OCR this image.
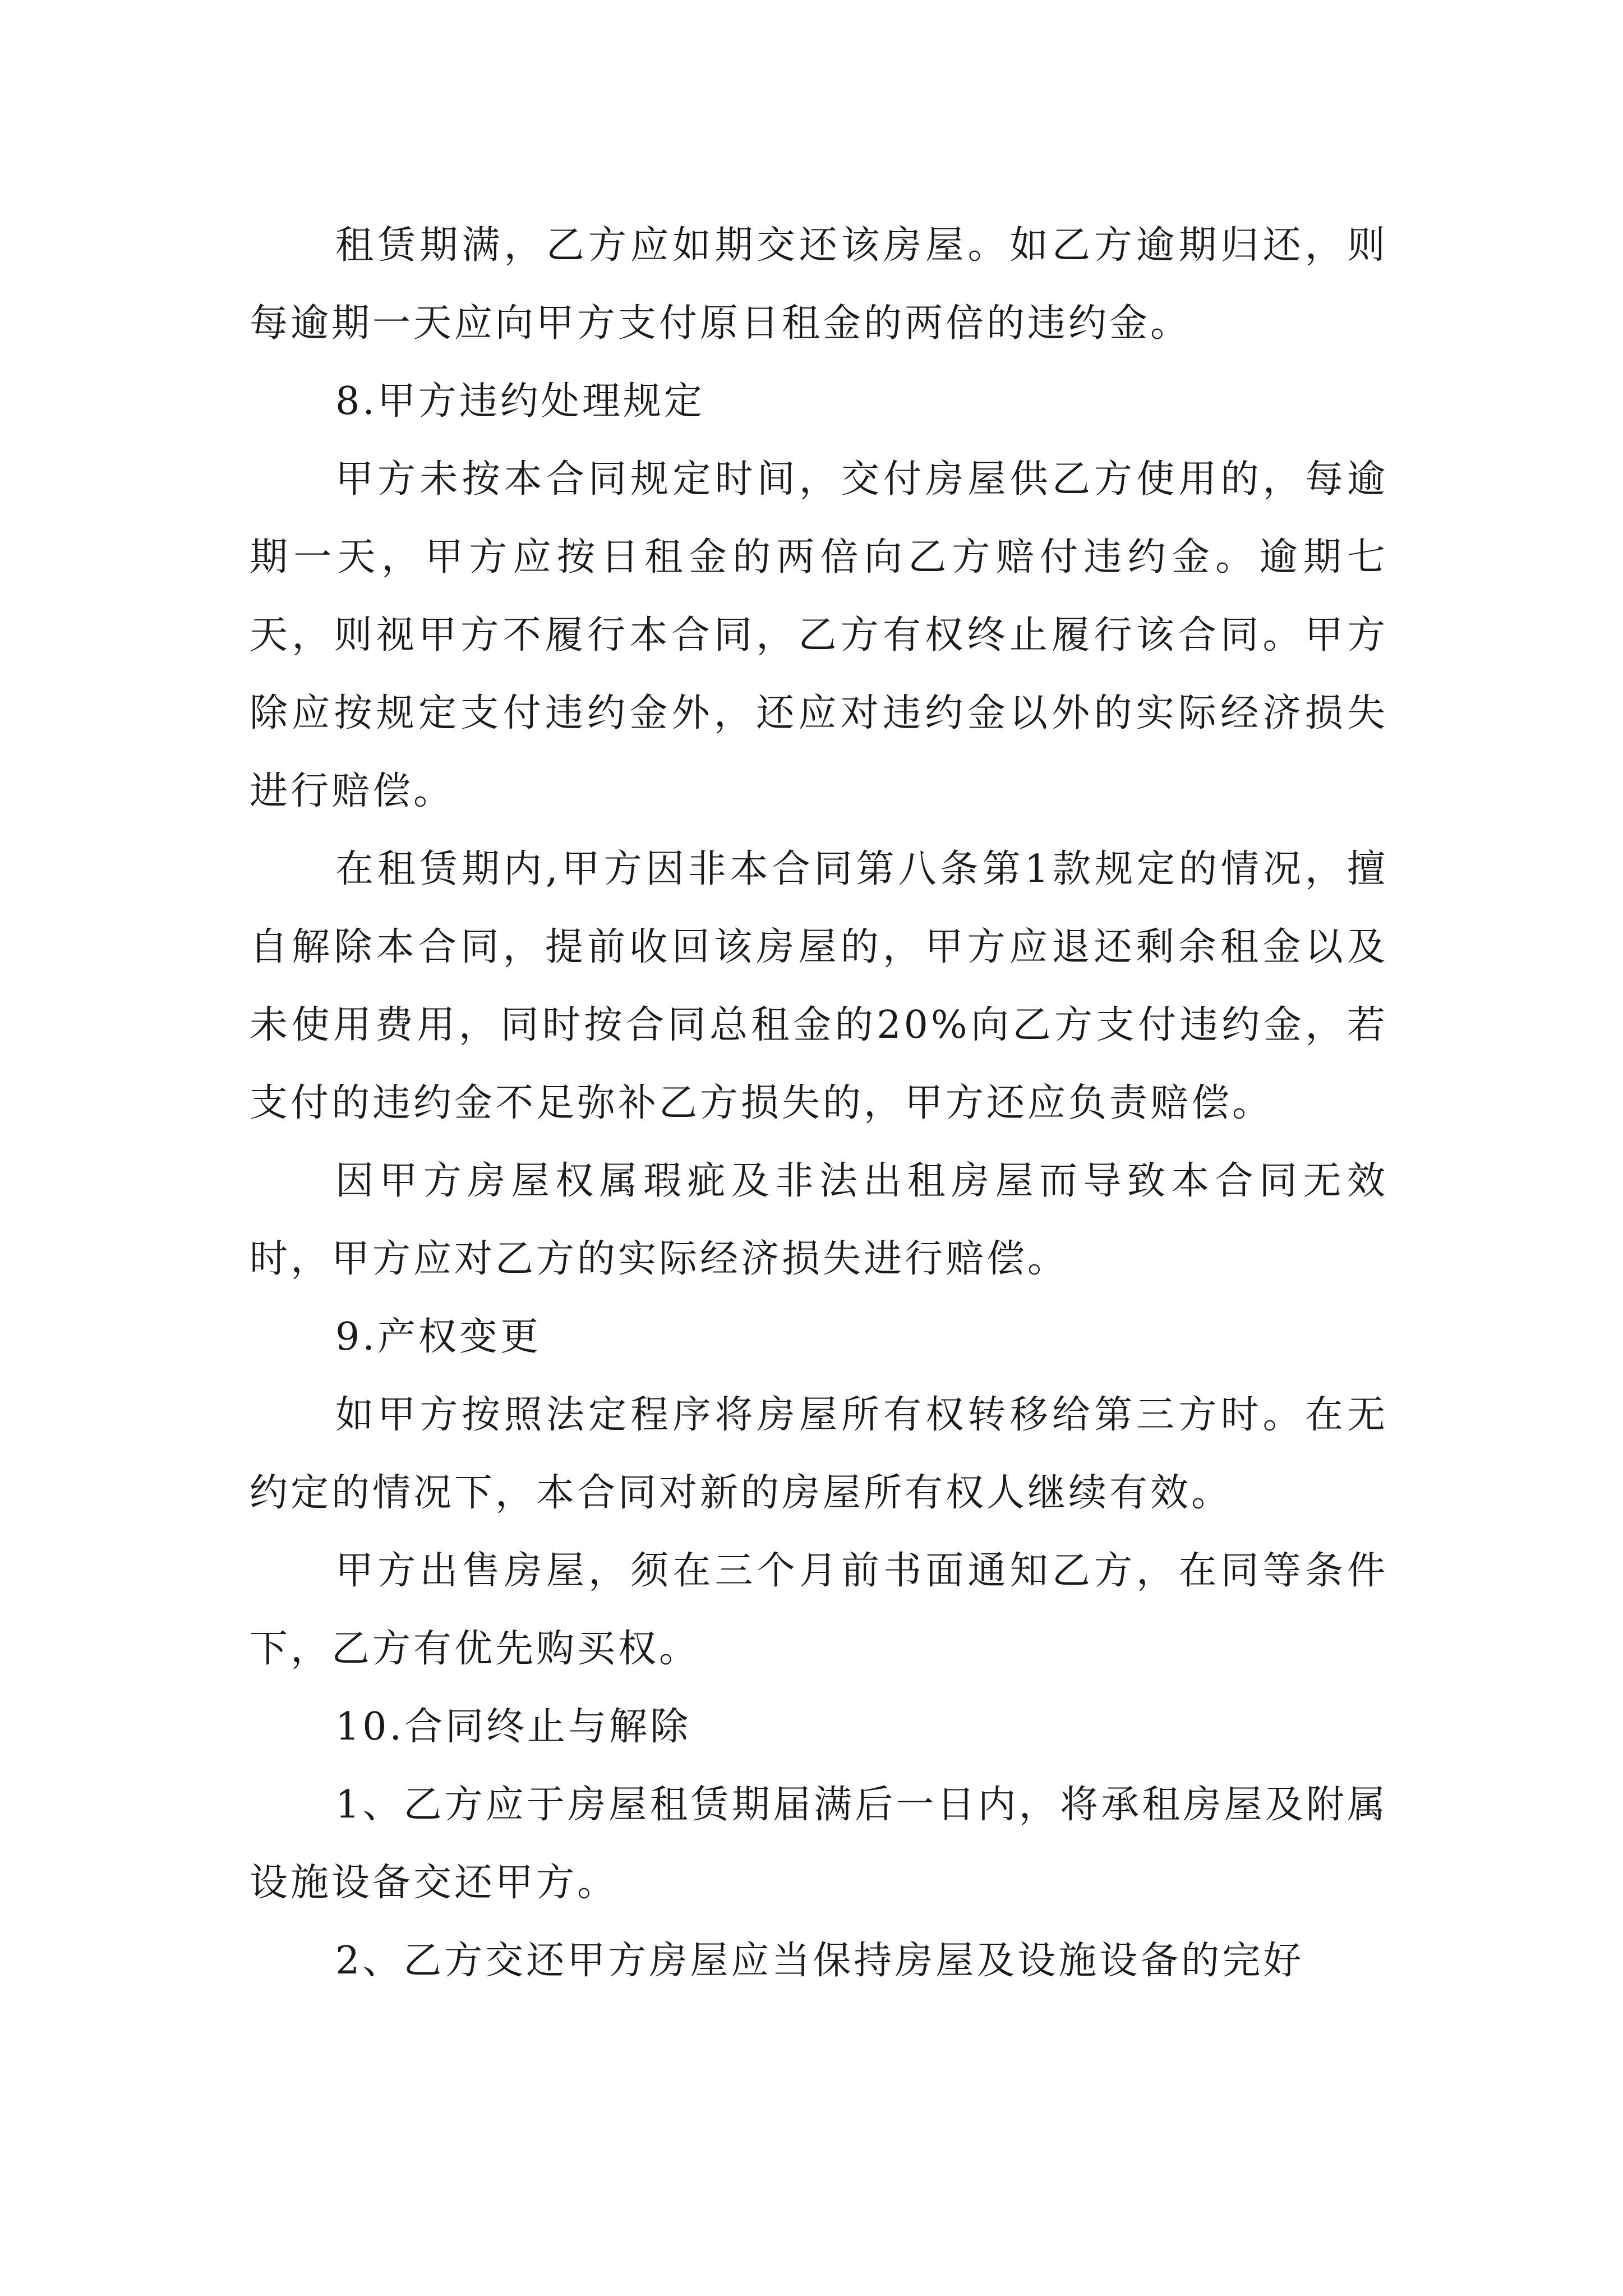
租赁期满，乙方应如期交还该房屋。如乙方逾期归还，则每逾期一天应向甲方支付原日租金的两倍的违约金。

8.甲方违约处理规定

甲方未按本合同规定时间，交付房屋供乙方使用的，每逾期一天，甲方应按日租金的两倍向乙方赔付违约金。逾期七天，则视甲方不履行本合同，乙方有权终止履行该合同。甲方除应按规定支付违约金外，还应对违约金以外的实际经济损失进行赔偿。

在租赁期内,甲方因非本合同第八条第1款规定的情况，擅自解除本合同，提前收回该房屋的，甲方应退还剩余租金以及未使用费用，同时按合同总租金的20%向乙方支付违约金，若支付的违约金不足弥补乙方损失的，甲方还应负责赔偿。

因甲方房屋权属瑕疵及非法出租房屋而导致本合同无效时，甲方应对乙方的实际经济损失进行赔偿。

9.产权变更

如甲方按照法定程序将房屋所有权转移给第三方时。在无约定的情况下，本合同对新的房屋所有权人继续有效。

甲方出售房屋，须在三个月前书面通知乙方，在同等条件下，乙方有优先购买权。

10.合同终止与解除

1、乙方应于房屋租赁期届满后一日内，将承租房屋及附属设施设备交还甲方。

2、乙方交还甲方房屋应当保持房屋及设施设备的完好
